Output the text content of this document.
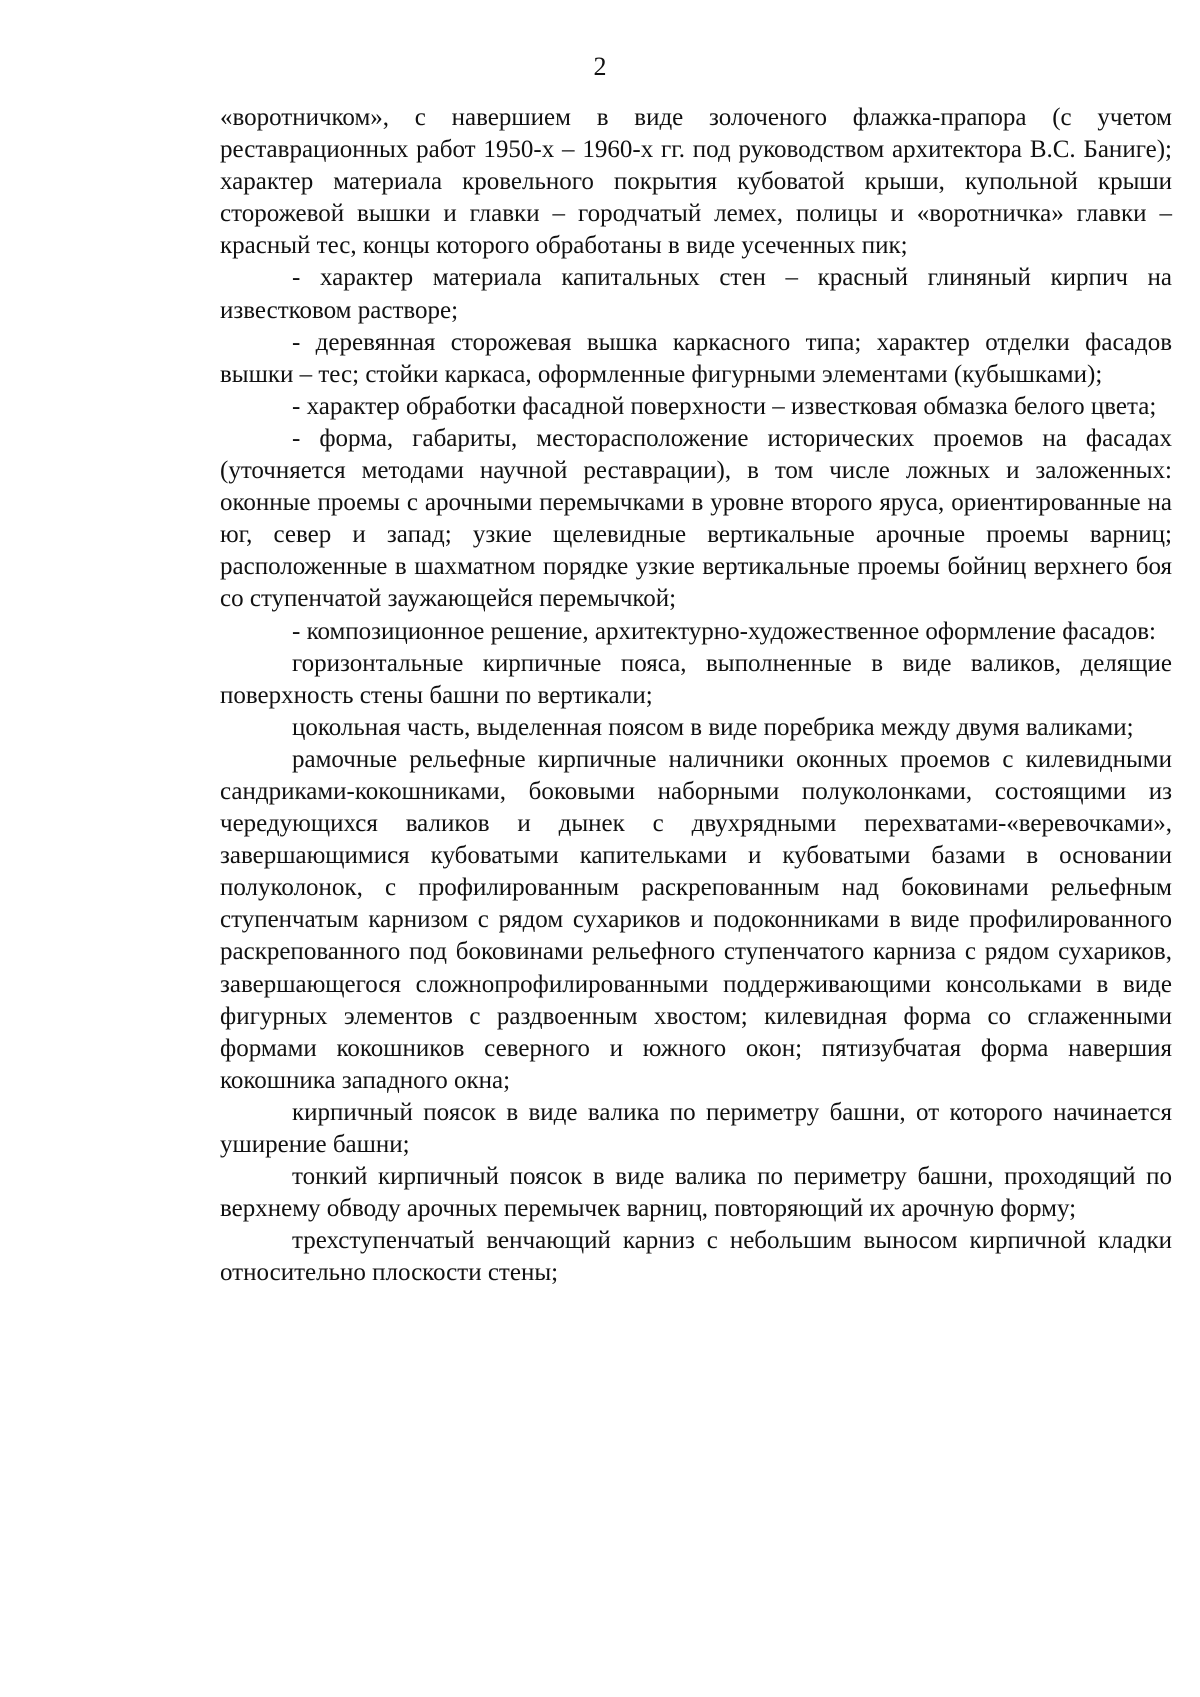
2

«воротничком», с навершием в виде золоченого флажка-прапора (с учетом реставрационных работ 1950-х – 1960-х гг. под руководством архитектора В.С. Баниге); характер материала кровельного покрытия кубоватой крыши, купольной крыши сторожевой вышки и главки – городчатый лемех, полицы и «воротничка» главки – красный тес, концы которого обработаны в виде усеченных пик;

- характер материала капитальных стен – красный глиняный кирпич на известковом растворе;

- деревянная сторожевая вышка каркасного типа; характер отделки фасадов вышки – тес; стойки каркаса, оформленные фигурными элементами (кубышками);

- характер обработки фасадной поверхности – известковая обмазка белого цвета;

- форма, габариты, месторасположение исторических проемов на фасадах (уточняется методами научной реставрации), в том числе ложных и заложенных: оконные проемы с арочными перемычками в уровне второго яруса, ориентированные на юг, север и запад; узкие щелевидные вертикальные арочные проемы варниц; расположенные в шахматном порядке узкие вертикальные проемы бойниц верхнего боя со ступенчатой заужающейся перемычкой;

- композиционное решение, архитектурно-художественное оформление фасадов:

горизонтальные кирпичные пояса, выполненные в виде валиков, делящие поверхность стены башни по вертикали;

цокольная часть, выделенная поясом в виде поребрика между двумя валиками;

рамочные рельефные кирпичные наличники оконных проемов с килевидными сандриками-кокошниками, боковыми наборными полуколонками, состоящими из чередующихся валиков и дынек с двухрядными перехватами-«веревочками», завершающимися кубоватыми капительками и кубоватыми базами в основании полуколонок, с профилированным раскрепованным над боковинами рельефным ступенчатым карнизом с рядом сухариков и подоконниками в виде профилированного раскрепованного под боковинами рельефного ступенчатого карниза с рядом сухариков, завершающегося сложнопрофилированными поддерживающими консольками в виде фигурных элементов с раздвоенным хвостом; килевидная форма со сглаженными формами кокошников северного и южного окон; пятизубчатая форма навершия кокошника западного окна;

кирпичный поясок в виде валика по периметру башни, от которого начинается уширение башни;

тонкий кирпичный поясок в виде валика по периметру башни, проходящий по верхнему обводу арочных перемычек варниц, повторяющий их арочную форму;

трехступенчатый венчающий карниз с небольшим выносом кирпичной кладки относительно плоскости стены;
